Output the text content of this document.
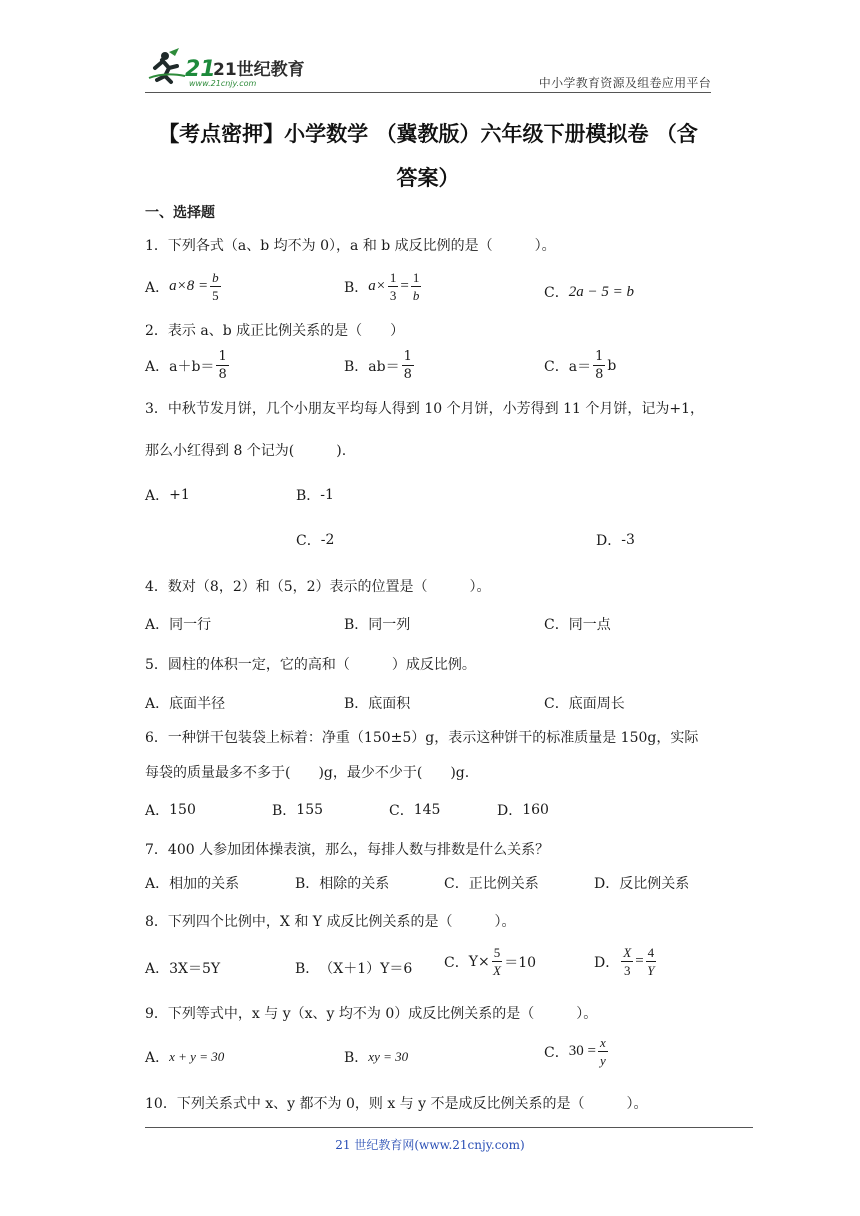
21
21世纪教育
www.21cnjy.com	中小学教育资源及组卷应用平台
【考点密押】小学数学 （冀教版）六年级下册模拟卷 （含
答案）
一、选择题
1．下列各式（a、b 均不为 0），a 和 b 成反比例的是（　　　）。
A． $a\times 8 = \frac{b}{5}$	B． $a\times \frac{1}{3} = \frac{1}{b}$	C． 2a − 5 = b
2．表示 a、b 成正比例关系的是（　　）
A． $a+b= \frac{1}{8}$	B． $ab= \frac{1}{8}$	C． $a= \frac{1}{8}$ b
3．中秋节发月饼，几个小朋友平均每人得到 10 个月饼，小芳得到 11 个月饼，记为+1，
那么小红得到 8 个记为(　　　).
A． +1	B． -1
C． -2	D． -3
4．数对（8，2）和（5，2）表示的位置是（　　　）。
A． 同一行	B． 同一列	C． 同一点
5．圆柱的体积一定，它的高和（　　　）成反比例。
A． 底面半径	B． 底面积	C． 底面周长
6．一种饼干包装袋上标着：净重（150±5）g，表示这种饼干的标准质量是 150g，实际
每袋的质量最多不多于(　　)g，最少不少于(　　)g.
A． 150	B． 155	C． 145	D． 160
7．400 人参加团体操表演，那么，每排人数与排数是什么关系？
A． 相加的关系	B． 相除的关系	C． 正比例关系	D． 反比例关系
8．下列四个比例中，X 和 Y 成反比例关系的是（　　　）。
A． 3X＝5Y	B． （X＋1）Y＝6 C． $Y\times \frac{5}{X} =10$	D． $\frac{X}{3} = \frac{4}{Y}$
9．下列等式中，x 与 y（x、y 均不为 0）成反比例关系的是（　　　）。
A． x + y = 30	B． xy = 30	C． $30 = \frac{x}{y}$
10．下列关系式中 x、y 都不为 0，则 x 与 y 不是成反比例关系的是（　　　）。
21 世纪教育网(www.21cnjy.com)
